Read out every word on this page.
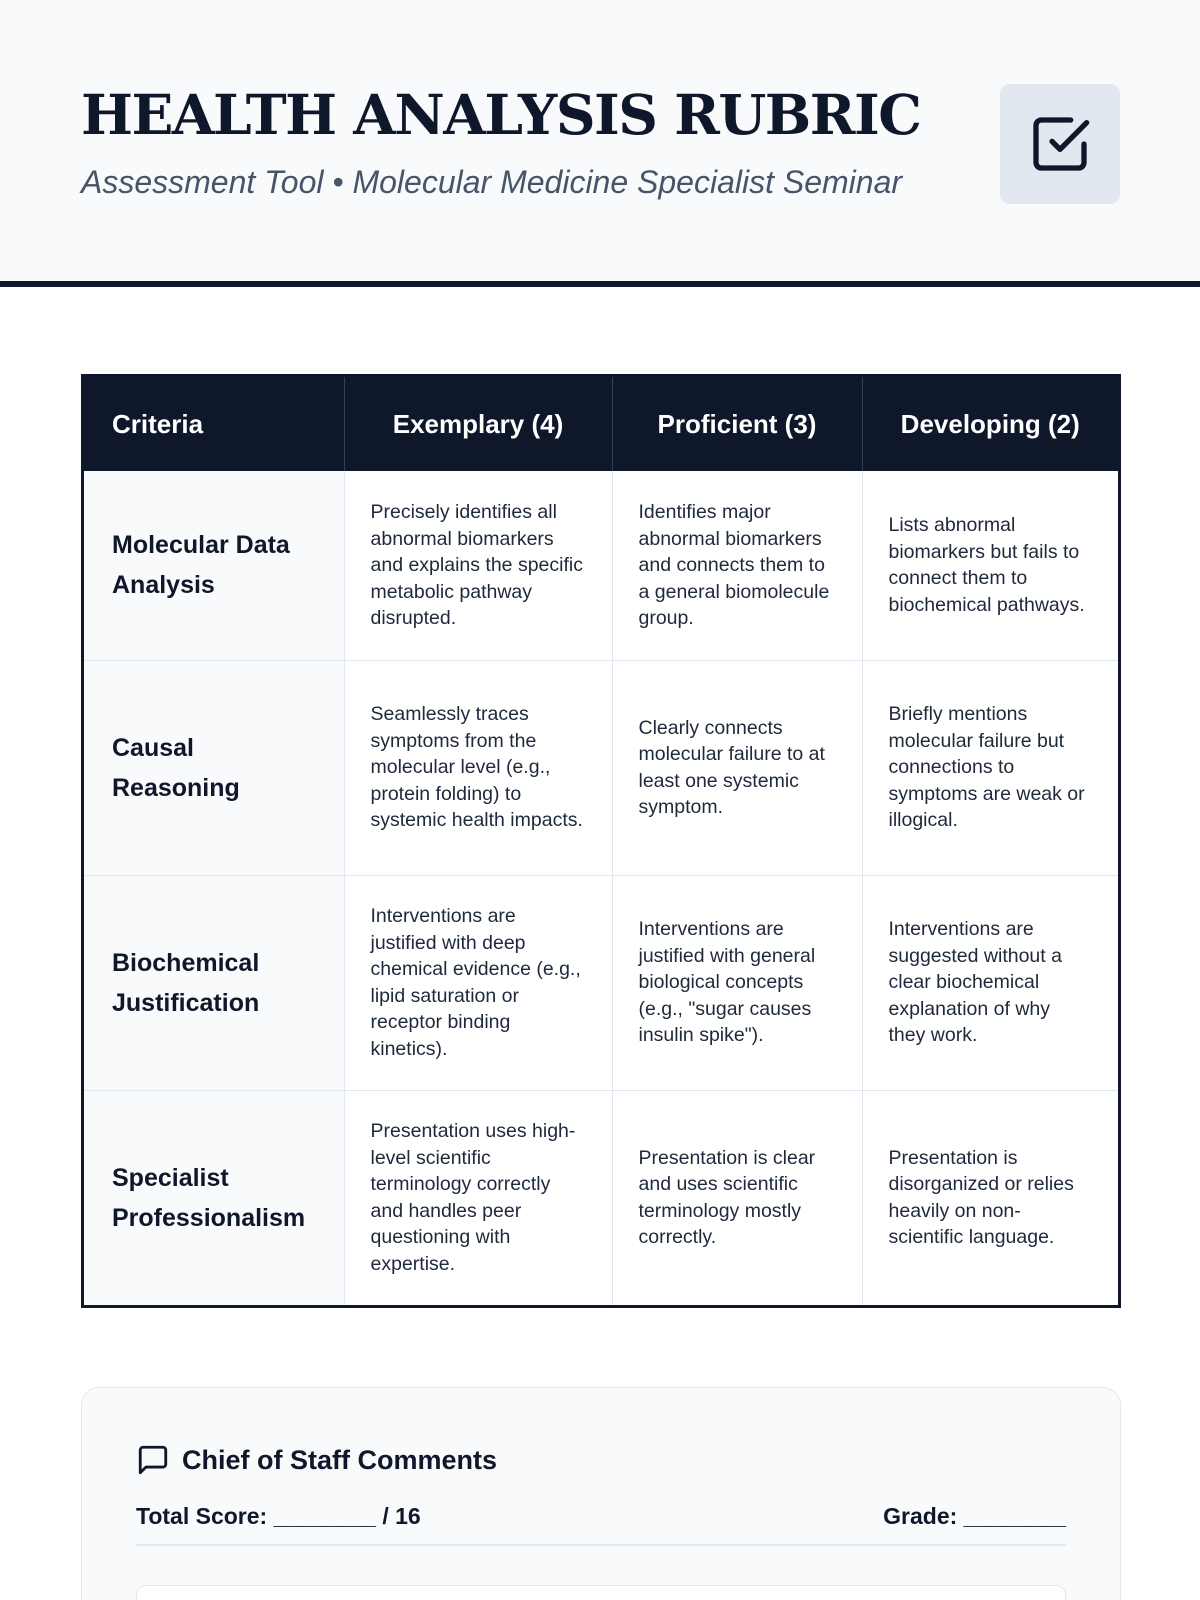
HEALTH ANALYSIS RUBRIC
Assessment Tool • Molecular Medicine Specialist Seminar
Criteria	Exemplary (4)	Proficient (3)	Developing (2)
Molecular Data Analysis	Precisely identifies all abnormal biomarkers and explains the specific metabolic pathway disrupted.	Identifies major abnormal biomarkers and connects them to a general biomolecule group.	Lists abnormal biomarkers but fails to connect them to biochemical pathways.
Causal Reasoning	Seamlessly traces symptoms from the molecular level (e.g., protein folding) to systemic health impacts.	Clearly connects molecular failure to at least one systemic symptom.	Briefly mentions molecular failure but connections to symptoms are weak or illogical.
Biochemical Justification	Interventions are justified with deep chemical evidence (e.g., lipid saturation or receptor binding kinetics).	Interventions are justified with general biological concepts (e.g., "sugar causes insulin spike").	Interventions are suggested without a clear biochemical explanation of why they work.
Specialist Professionalism	Presentation uses high-level scientific terminology correctly and handles peer questioning with expertise.	Presentation is clear and uses scientific terminology mostly correctly.	Presentation is disorganized or relies heavily on non-scientific language.
Chief of Staff Comments
Total Score: ________ / 16	Grade: ________
